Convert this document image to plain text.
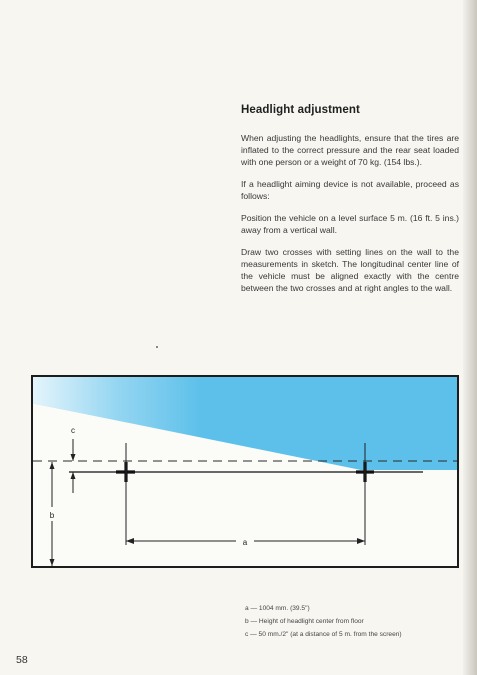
Headlight adjustment

When adjusting the headlights, ensure that the tires are inflated to the correct pressure and the rear seat loaded with one person or a weight of 70 kg. (154 lbs.).

If a headlight aiming device is not available, proceed as follows:

Position the vehicle on a level surface 5 m. (16 ft. 5 ins.) away from a vertical wall.

Draw two crosses with setting lines on the wall to the measurements in sketch. The longitudinal center line of the vehicle must be aligned exactly with the centre between the two crosses and at right angles to the wall.

a
c
b
a — 1004 mm. (39.5")
b — Height of headlight center from floor
c — 50 mm./2" (at a distance of 5 m. from the screen)
58
